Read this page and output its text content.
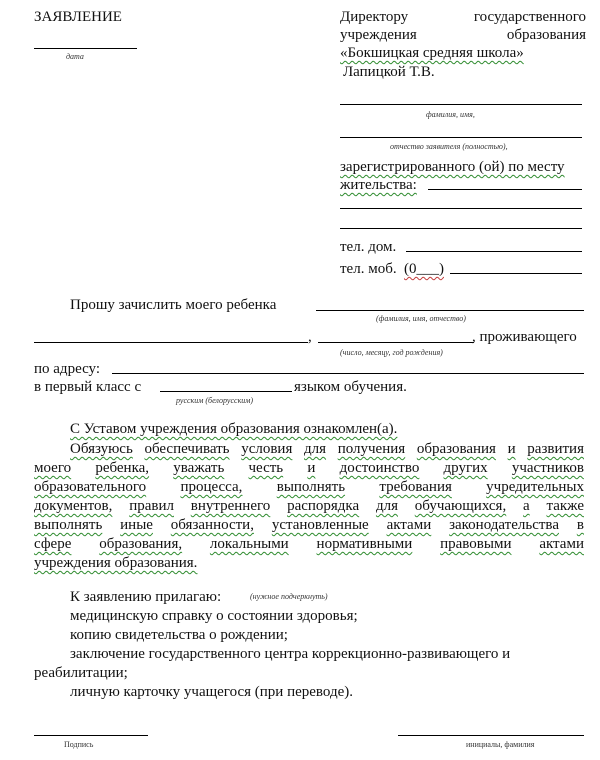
ЗАЯВЛЕНИЕ
дата
Директору	государственного
учреждения	образования
«Бокшицкая средняя школа»
Лапицкой Т.В.
фамилия, имя,
отчество заявителя (полностью),
зарегистрированного (ой) по месту
жительства:
тел. дом.
тел. моб. (0___)
Прошу зачислить моего ребенка
(фамилия, имя, отчество)
,	, проживающего
(число, месяцу, год рождения)
по адресу:
в первый класс с	языком обучения.
русским (белорусским)
С Уставом учреждения образования ознакомлен(а).
Обязуюсь обеспечивать условия для получения образования и развития
моего ребенка, уважать честь и достоинство других участников
образовательного процесса, выполнять требования учредительных
документов, правил внутреннего распорядка для обучающихся, а также
выполнять иные обязанности, установленные актами законодательства в
сфере образования, локальными нормативными правовыми актами
учреждения образования.
К заявлению прилагаю:	(нужное подчеркнуть)
медицинскую справку о состоянии здоровья;
копию свидетельства о рождении;
заключение государственного центра коррекционно-развивающего и
реабилитации;
личную карточку учащегося (при переводе).
Подпись	инициалы, фамилия
